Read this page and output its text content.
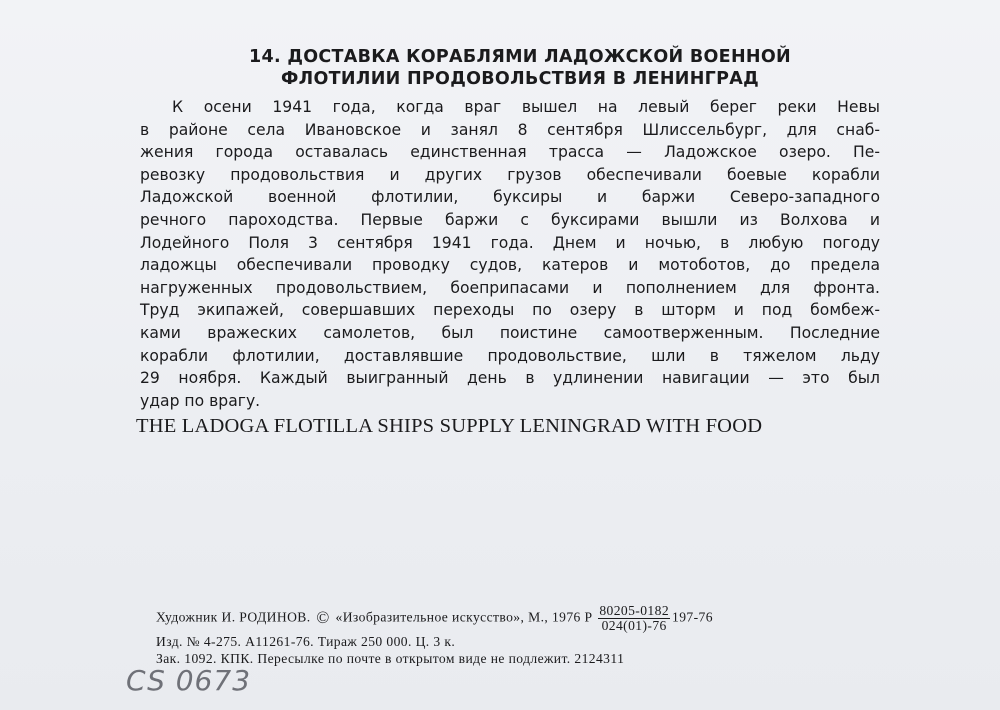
14. ДОСТАВКА КОРАБЛЯМИ ЛАДОЖСКОЙ ВОЕННОЙ
ФЛОТИЛИИ ПРОДОВОЛЬСТВИЯ В ЛЕНИНГРАД
К осени 1941 года, когда враг вышел на левый берег реки Невы
в районе села Ивановское и занял 8 сентября Шлиссельбург, для снаб-
жения города оставалась единственная трасса — Ладожское озеро. Пе-
ревозку продовольствия и других грузов обеспечивали боевые корабли
Ладожской военной флотилии, буксиры и баржи Северо-западного
речного пароходства. Первые баржи с буксирами вышли из Волхова и
Лодейного Поля 3 сентября 1941 года. Днем и ночью, в любую погоду
ладожцы обеспечивали проводку судов, катеров и мотоботов, до предела
нагруженных продовольствием, боеприпасами и пополнением для фронта.
Труд экипажей, совершавших переходы по озеру в шторм и под бомбеж-
ками вражеских самолетов, был поистине самоотверженным. Последние
корабли флотилии, доставлявшие продовольствие, шли в тяжелом льду
29 ноября. Каждый выигранный день в удлинении навигации — это был
удар по врагу.
THE LADOGA FLOTILLA SHIPS SUPPLY LENINGRAD WITH FOOD
Художник И. РОДИНОВ. © «Изобразительное искусство», М., 1976 Р $\frac{80205-0182}{024(01)-76} 197-76$
Изд. № 4-275. А11261-76. Тираж 250 000. Ц. 3 к.
Зак. 1092. КПК. Пересылке по почте в открытом виде не подлежит. 2124311
CS 0673
